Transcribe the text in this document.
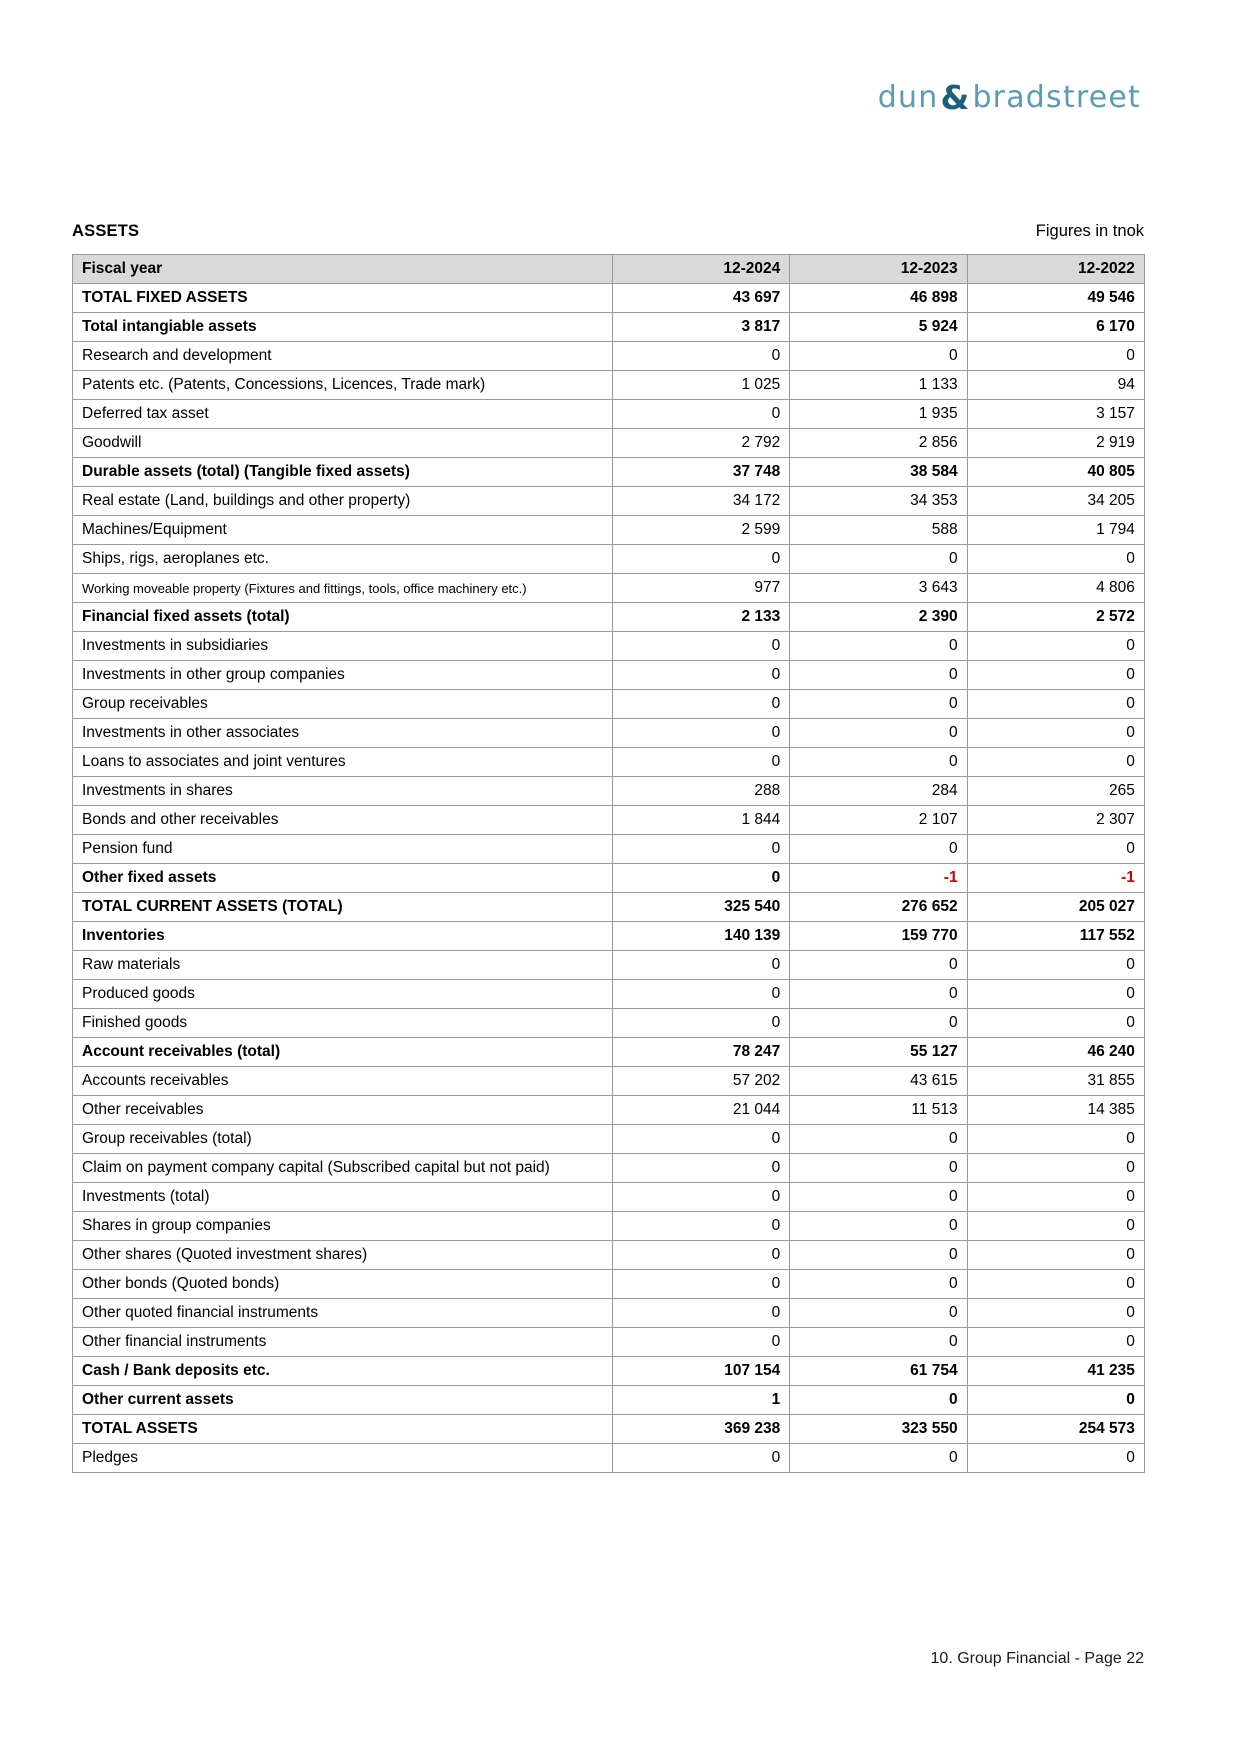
dun & bradstreet
ASSETS	Figures in tnok
Fiscal year	12-2024	12-2023	12-2022
TOTAL FIXED ASSETS	43 697	46 898	49 546
Total intangiable assets	3 817	5 924	6 170
Research and development	0	0	0
Patents etc. (Patents, Concessions, Licences, Trade mark)	1 025	1 133	94
Deferred tax asset	0	1 935	3 157
Goodwill	2 792	2 856	2 919
Durable assets (total) (Tangible fixed assets)	37 748	38 584	40 805
Real estate (Land, buildings and other property)	34 172	34 353	34 205
Machines/Equipment	2 599	588	1 794
Ships, rigs, aeroplanes etc.	0	0	0
Working moveable property (Fixtures and fittings, tools, office machinery etc.)	977	3 643	4 806
Financial fixed assets (total)	2 133	2 390	2 572
Investments in subsidiaries	0	0	0
Investments in other group companies	0	0	0
Group receivables	0	0	0
Investments in other associates	0	0	0
Loans to associates and joint ventures	0	0	0
Investments in shares	288	284	265
Bonds and other receivables	1 844	2 107	2 307
Pension fund	0	0	0
Other fixed assets	0	-1	-1
TOTAL CURRENT ASSETS (TOTAL)	325 540	276 652	205 027
Inventories	140 139	159 770	117 552
Raw materials	0	0	0
Produced goods	0	0	0
Finished goods	0	0	0
Account receivables (total)	78 247	55 127	46 240
Accounts receivables	57 202	43 615	31 855
Other receivables	21 044	11 513	14 385
Group receivables (total)	0	0	0
Claim on payment company capital (Subscribed capital but not paid)	0	0	0
Investments (total)	0	0	0
Shares in group companies	0	0	0
Other shares (Quoted investment shares)	0	0	0
Other bonds (Quoted bonds)	0	0	0
Other quoted financial instruments	0	0	0
Other financial instruments	0	0	0
Cash / Bank deposits etc.	107 154	61 754	41 235
Other current assets	1	0	0
TOTAL ASSETS	369 238	323 550	254 573
Pledges	0	0	0
10. Group Financial - Page 22
